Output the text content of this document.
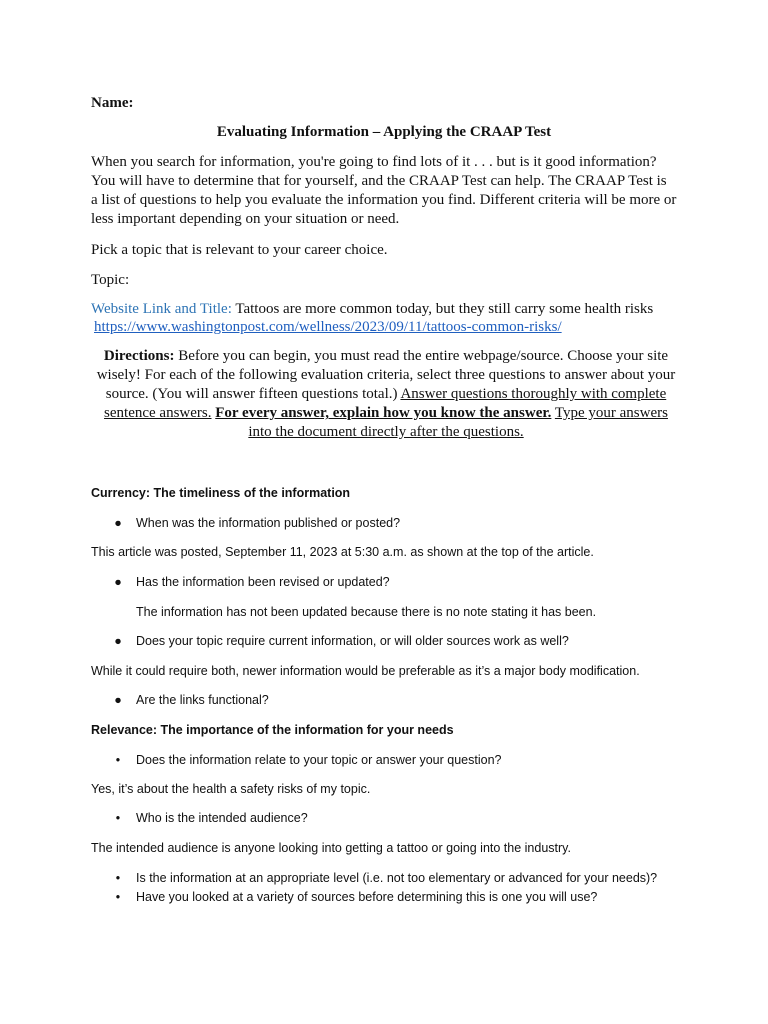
Name:
Evaluating Information – Applying the CRAAP Test

When you search for information, you're going to find lots of it . . . but is it good information? You will have to determine that for yourself, and the CRAAP Test can help. The CRAAP Test is a list of questions to help you evaluate the information you find. Different criteria will be more or less important depending on your situation or need.

Pick a topic that is relevant to your career choice.

Topic:

Website Link and Title: Tattoos are more common today, but they still carry some health risks

https://www.washingtonpost.com/wellness/2023/09/11/tattoos-common-risks/

Directions: Before you can begin, you must read the entire webpage/source. Choose your site wisely! For each of the following evaluation criteria, select three questions to answer about your source. (You will answer fifteen questions total.) Answer questions thoroughly with complete sentence answers. For every answer, explain how you know the answer. Type your answers into the document directly after the questions.

Currency: The timeliness of the information
● When was the information published or posted?
This article was posted, September 11, 2023 at 5:30 a.m. as shown at the top of the article.
● Has the information been revised or updated?
The information has not been updated because there is no note stating it has been.
● Does your topic require current information, or will older sources work as well?
While it could require both, newer information would be preferable as it’s a major body modification.
● Are the links functional?
Relevance: The importance of the information for your needs
•	Does the information relate to your topic or answer your question?
Yes, it’s about the health a safety risks of my topic.
•	Who is the intended audience?
The intended audience is anyone looking into getting a tattoo or going into the industry.
•	Is the information at an appropriate level (i.e. not too elementary or advanced for your needs)?
•	Have you looked at a variety of sources before determining this is one you will use?
